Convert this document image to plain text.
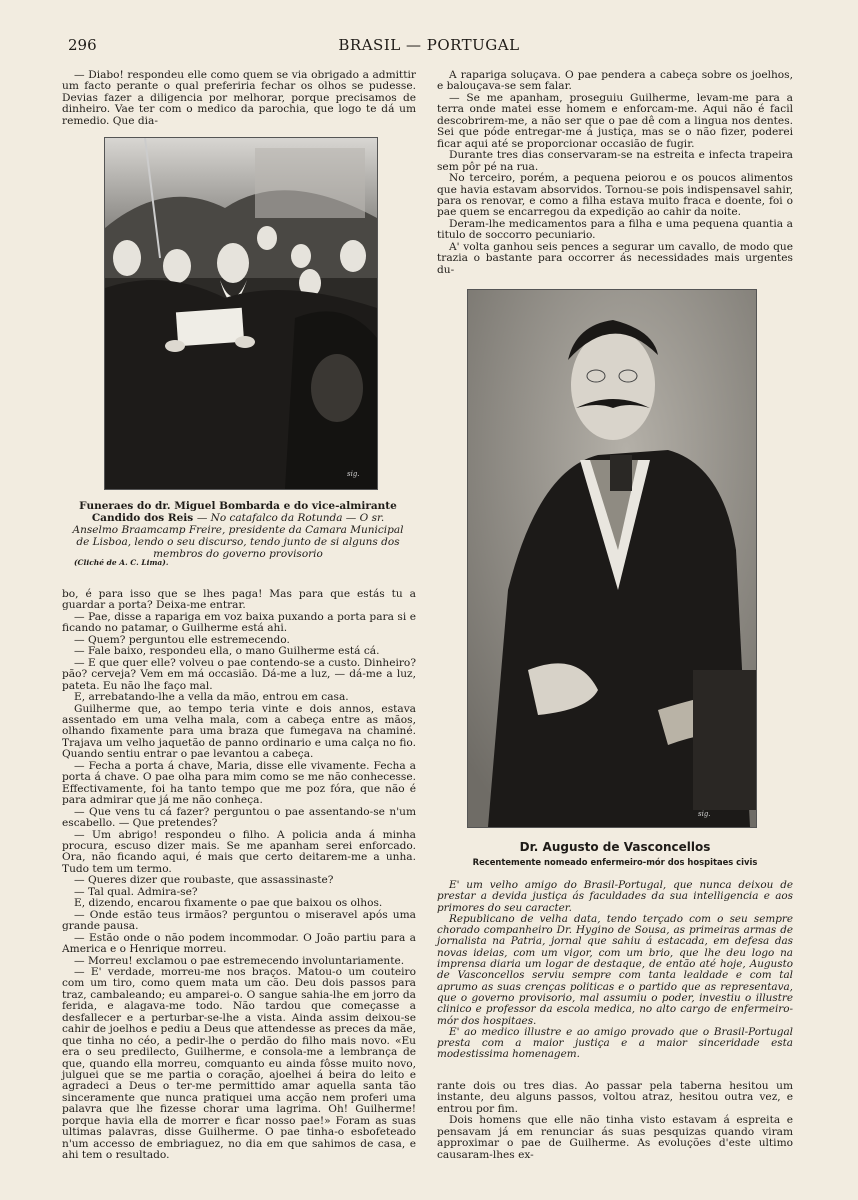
296	BRASIL — PORTUGAL

— Diabo! respondeu elle como quem se via obrigado a admittir um facto perante o qual preferiria fechar os olhos se pudesse. Devias fazer a diligencia por melhorar, porque precisamos de dinheiro. Vae ter com o medico da parochia, que logo te dá um remedio. Que dia-

sig.
Funeraes do dr. Miguel Bombarda e do vice-almirante Candido dos Reis — No catafalco da Rotunda — O sr. Anselmo Braamcamp Freire, presidente da Camara Municipal de Lisboa, lendo o seu discurso, tendo junto de si alguns dos membros do governo provisorio
(Cliché de A. C. Lima).

A rapariga soluçava. O pae pendera a cabeça sobre os joelhos, e balouçava-se sem falar.

— Se me apanham, proseguiu Guilherme, levam-me para a terra onde matei esse homem e enforcam-me. Aqui não é facil descobrirem-me, a não ser que o pae dê com a lingua nos dentes. Sei que póde entregar-me á justiça, mas se o não fizer, poderei ficar aqui até se proporcionar occasião de fugir.

Durante tres dias conservaram-se na estreita e infecta trapeira sem pôr pé na rua.

No terceiro, porém, a pequena peiorou e os poucos alimentos que havia estavam absorvidos. Tornou-se pois indispensavel sahir, para os renovar, e como a filha estava muito fraca e doente, foi o pae quem se encarregou da expedição ao cahir da noite.

Deram-lhe medicamentos para a filha e uma pequena quantia a titulo de soccorro pecuniario.

A' volta ganhou seis pences a segurar um cavallo, de modo que trazia o bastante para occorrer ás necessidades mais urgentes du-

sig.
Dr. Augusto de Vasconcellos
Recentemente nomeado enfermeiro-mór dos hospitaes civis

E' um velho amigo do Brasil-Portugal, que nunca deixou de prestar a devida justiça ás faculdades da sua intelligencia e aos primores do seu caracter.

Republicano de velha data, tendo terçado com o seu sempre chorado companheiro Dr. Hygino de Sousa, as primeiras armas de jornalista na Patria, jornal que sahiu á estacada, em defesa das novas ideias, com um vigor, com um brio, que lhe deu logo na imprensa diaria um logar de destaque, de então até hoje, Augusto de Vasconcellos serviu sempre com tanta lealdade e com tal aprumo as suas crenças politicas e o partido que as representava, que o governo provisorio, mal assumiu o poder, investiu o illustre clinico e professor da escola medica, no alto cargo de enfermeiro-mór dos hospitaes.

E' ao medico illustre e ao amigo provado que o Brasil-Portugal presta com a maior justiça e a maior sinceridade esta modestissima homenagem.

bo, é para isso que se lhes paga! Mas para que estás tu a guardar a porta? Deixa-me entrar.

— Pae, disse a rapariga em voz baixa puxando a porta para si e ficando no patamar, o Guilherme está ahi.

— Quem? perguntou elle estremecendo.

— Fale baixo, respondeu ella, o mano Guilherme está cá.

— E que quer elle? volveu o pae contendo-se a custo. Dinheiro? pão? cerveja? Vem em má occasião. Dá-me a luz, — dá-me a luz, pateta. Eu não lhe faço mal.

E, arrebatando-lhe a vella da mão, entrou em casa.

Guilherme que, ao tempo teria vinte e dois annos, estava assentado em uma velha mala, com a cabeça entre as mãos, olhando fixamente para uma braza que fumegava na chaminé. Trajava um velho jaquetão de panno ordinario e uma calça no fio. Quando sentiu entrar o pae levantou a cabeça.

— Fecha a porta á chave, Maria, disse elle vivamente. Fecha a porta á chave. O pae olha para mim como se me não conhecesse. Effectivamente, foi ha tanto tempo que me poz fóra, que não é para admirar que já me não conheça.

— Que vens tu cá fazer? perguntou o pae assentando-se n'um escabello. — Que pretendes?

— Um abrigo! respondeu o filho. A policia anda á minha procura, escuso dizer mais. Se me apanham serei enforcado. Ora, não ficando aqui, é mais que certo deitarem-me a unha. Tudo tem um termo.

— Queres dizer que roubaste, que assassinaste?

— Tal qual. Admira-se?

E, dizendo, encarou fixamente o pae que baixou os olhos.

— Onde estão teus irmãos? perguntou o miseravel após uma grande pausa.

— Estão onde o não podem incommodar. O João partiu para a America e o Henrique morreu.

— Morreu! exclamou o pae estremecendo involuntariamente.

— E' verdade, morreu-me nos braços. Matou-o um couteiro com um tiro, como quem mata um cão. Deu dois passos para traz, cambaleando; eu amparei-o. O sangue sahia-lhe em jorro da ferida, e alagava-me todo. Não tardou que começasse a desfallecer e a perturbar-se-lhe a vista. Ainda assim deixou-se cahir de joelhos e pediu a Deus que attendesse as preces da mãe, que tinha no céo, a pedir-lhe o perdão do filho mais novo. «Eu era o seu predilecto, Guilherme, e consola-me a lembrança de que, quando ella morreu, comquanto eu ainda fôsse muito novo, julguei que se me partia o coração, ajoelhei á beira do leito e agradeci a Deus o ter-me permittido amar aquella santa tão sinceramente que nunca pratiquei uma acção nem proferi uma palavra que lhe fizesse chorar uma lagrima. Oh! Guilherme! porque havia ella de morrer e ficar nosso pae!» Foram as suas ultimas palavras, disse Guilherme. O pae tinha-o esbofeteado n'um accesso de embriaguez, no dia em que sahimos de casa, e ahi tem o resultado.

rante dois ou tres dias. Ao passar pela taberna hesitou um instante, deu alguns passos, voltou atraz, hesitou outra vez, e entrou por fim.

Dois homens que elle não tinha visto estavam á espreita e pensavam já em renunciar ás suas pesquizas quando viram approximar o pae de Guilherme. As evoluções d'este ultimo causaram-lhes ex-
